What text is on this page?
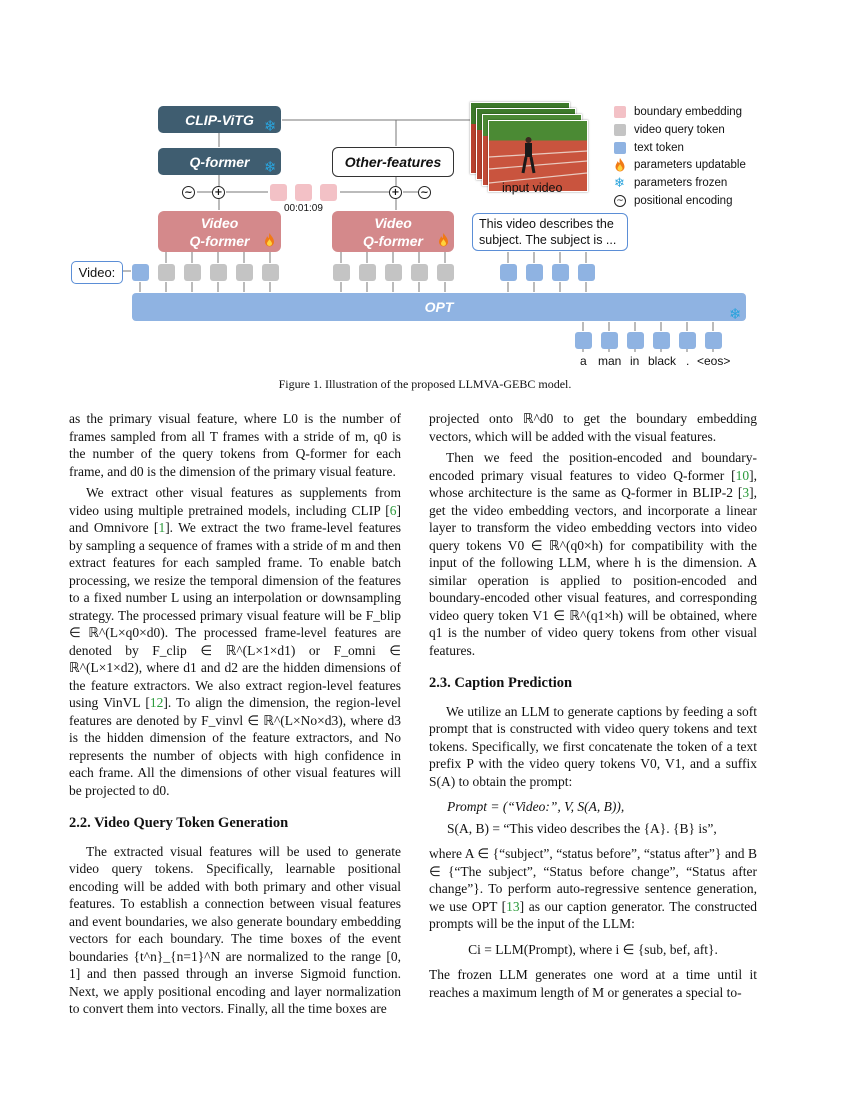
CLIP-ViTG ❄
Q-former ❄	Other-features
~ +	+ ~
00:01:09
Video
Q-former
Video
Q-former
This video describes the subject. The subject is ...
Video:
OPT	❄
a man in black . <eos>
input video
boundary embedding
video query token
text token
parameters updatable
❄ parameters frozen
~ positional encoding
Figure 1. Illustration of the proposed LLMVA-GEBC model.

as the primary visual feature, where L0 is the number of frames sampled from all T frames with a stride of m, q0 is the number of the query tokens from Q-former for each frame, and d0 is the dimension of the primary visual feature.

We extract other visual features as supplements from video using multiple pretrained models, including CLIP [6] and Omnivore [1]. We extract the two frame-level features by sampling a sequence of frames with a stride of m and then extract features for each sampled frame. To enable batch processing, we resize the temporal dimension of the features to a fixed number L using an interpolation or downsampling strategy. The processed primary visual feature will be F_blip ∈ ℝ^(L×q0×d0). The processed frame-level features are denoted by F_clip ∈ ℝ^(L×1×d1) or F_omni ∈ ℝ^(L×1×d2), where d1 and d2 are the hidden dimensions of the feature extractors. We also extract region-level features using VinVL [12]. To align the dimension, the region-level features are denoted by F_vinvl ∈ ℝ^(L×No×d3), where d3 is the hidden dimension of the feature extractors, and No represents the number of objects with high confidence in each frame. All the dimensions of other visual features will be projected to d0.

2.2. Video Query Token Generation

The extracted visual features will be used to generate video query tokens. Specifically, learnable positional encoding will be added with both primary and other visual features. To establish a connection between visual features and event boundaries, we also generate boundary embedding vectors for each boundary. The time boxes of the event boundaries {t^n}_{n=1}^N are normalized to the range [0, 1] and then passed through an inverse Sigmoid function. Next, we apply positional encoding and layer normalization to convert them into vectors. Finally, all the time boxes are

projected onto ℝ^d0 to get the boundary embedding vectors, which will be added with the visual features.

Then we feed the position-encoded and boundary-encoded primary visual features to video Q-former [10], whose architecture is the same as Q-former in BLIP-2 [3], get the video embedding vectors, and incorporate a linear layer to transform the video embedding vectors into video query tokens V0 ∈ ℝ^(q0×h) for compatibility with the input of the following LLM, where h is the dimension. A similar operation is applied to position-encoded and boundary-encoded other visual features, and corresponding video query token V1 ∈ ℝ^(q1×h) will be obtained, where q1 is the number of video query tokens from other visual features.

2.3. Caption Prediction

We utilize an LLM to generate captions by feeding a soft prompt that is constructed with video query tokens and text tokens. Specifically, we first concatenate the token of a text prefix P with the video query tokens V0, V1, and a suffix S(A) to obtain the prompt:

Prompt = (“Video:”, V, S(A, B)),
S(A, B) = “This video describes the {A}. {B} is”,

where A ∈ {“subject”, “status before”, “status after”} and B ∈ {“The subject”, “Status before change”, “Status after change”}. To perform auto-regressive sentence generation, we use OPT [13] as our caption generator. The constructed prompts will be the input of the LLM:

Ci = LLM(Prompt), where i ∈ {sub, bef, aft}.

The frozen LLM generates one word at a time until it reaches a maximum length of M or generates a special to-
